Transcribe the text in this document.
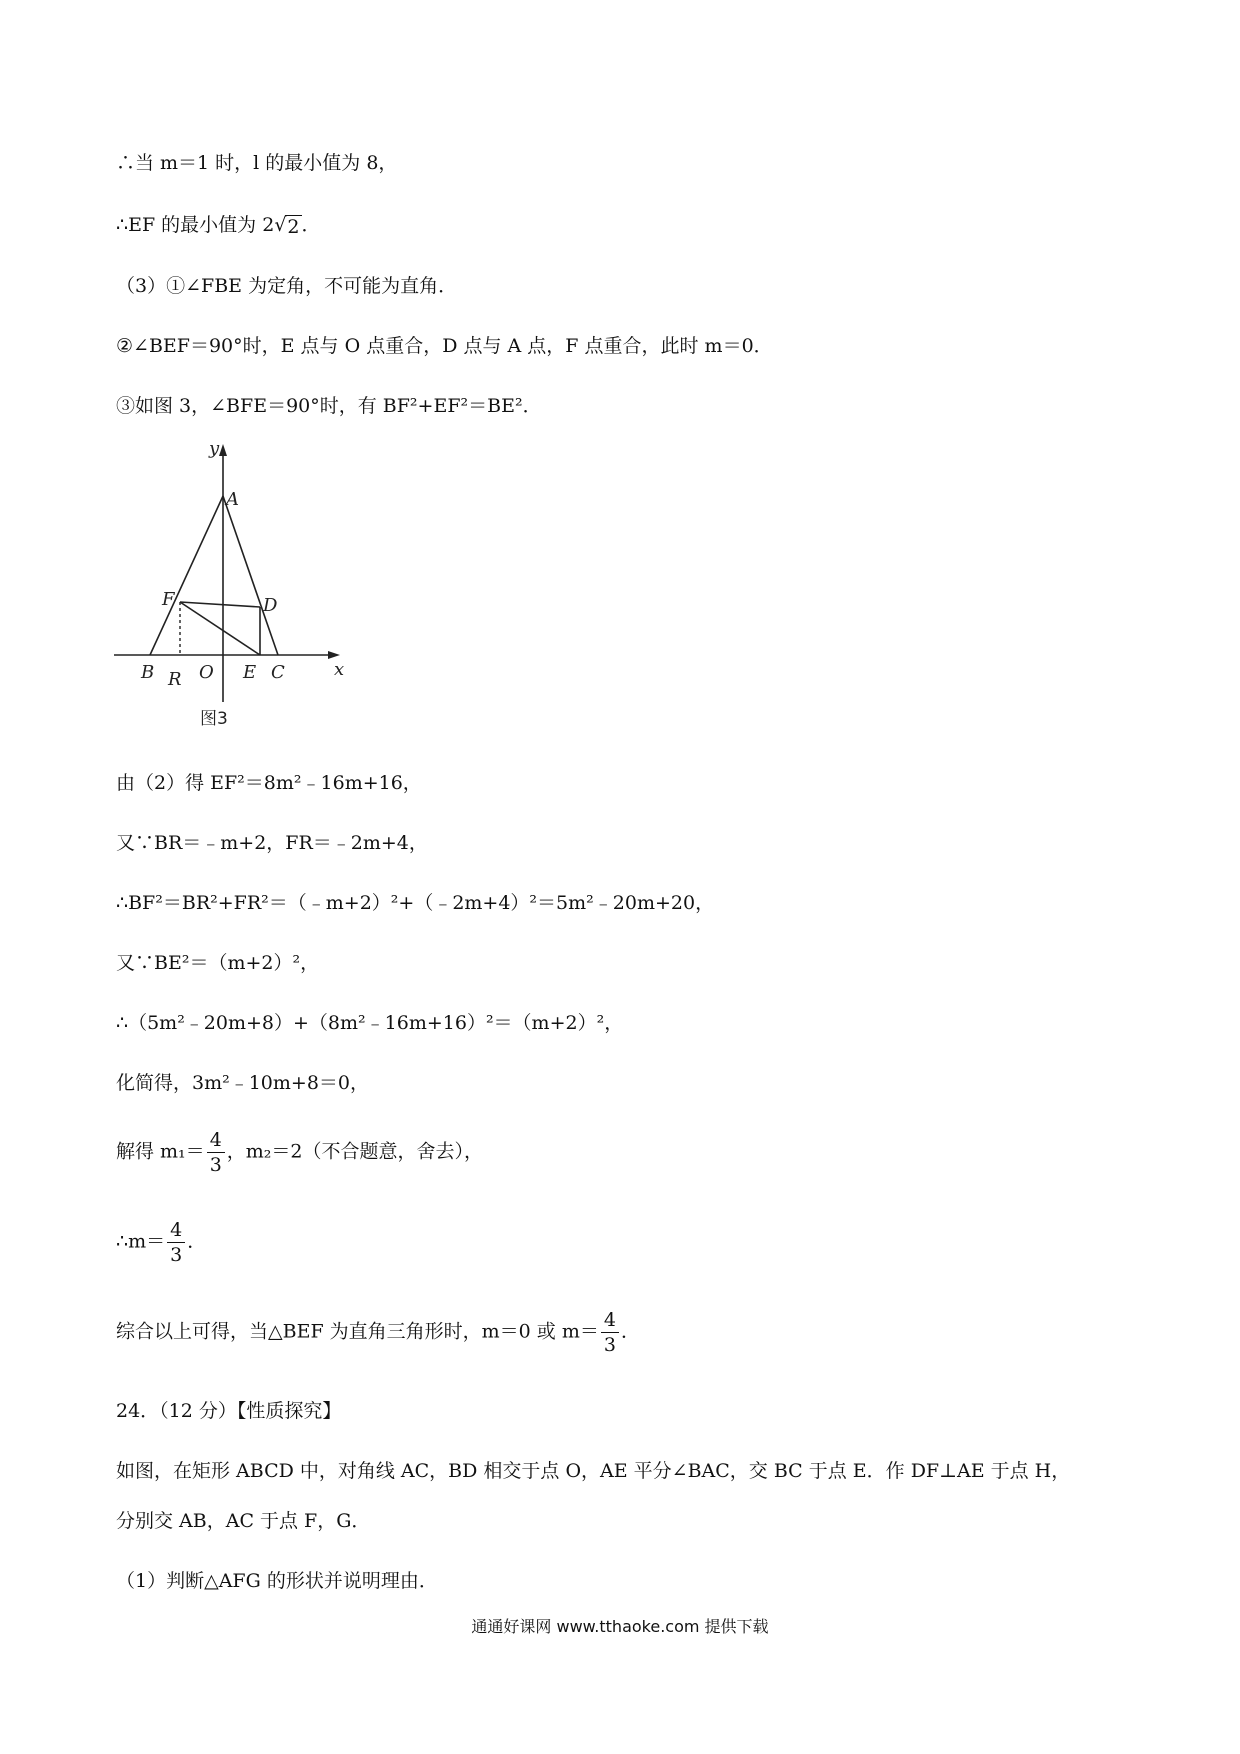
∴当 m＝1 时，l 的最小值为 8，
∴EF 的最小值为 2 √ 2 ．
（3）①∠FBE 为定角，不可能为直角．
②∠BEF＝90°时，E 点与 O 点重合，D 点与 A 点，F 点重合，此时 m＝0．
③如图 3，∠BFE＝90°时，有 BF²+EF²＝BE²．
y
x
A
F	D
B R O E C
图3
由（2）得 EF²＝8m²﹣16m+16，
又∵BR＝﹣m+2，FR＝﹣2m+4，
∴BF²＝BR²+FR²＝（﹣m+2）²+（﹣2m+4）²＝5m²﹣20m+20，
又∵BE²＝（m+2）²，
∴（5m²﹣20m+8）+（8m²﹣16m+16）²＝（m+2）²，
化简得，3m²﹣10m+8＝0，
解得 $m_1= \frac{4}{3}$ ，m₂＝2（不合题意，舍去），
∴m＝ $\frac{4}{3}$ ．
综合以上可得，当△BEF 为直角三角形时，m＝0 或 $m= \frac{4}{3}$ ．
24．（12 分）【性质探究】
如图，在矩形 ABCD 中，对角线 AC，BD 相交于点 O，AE 平分∠BAC，交 BC 于点 E．作 DF⊥AE 于点 H，
分别交 AB，AC 于点 F，G．
（1）判断△AFG 的形状并说明理由．
通通好课网 www.tthaoke.com 提供下载
